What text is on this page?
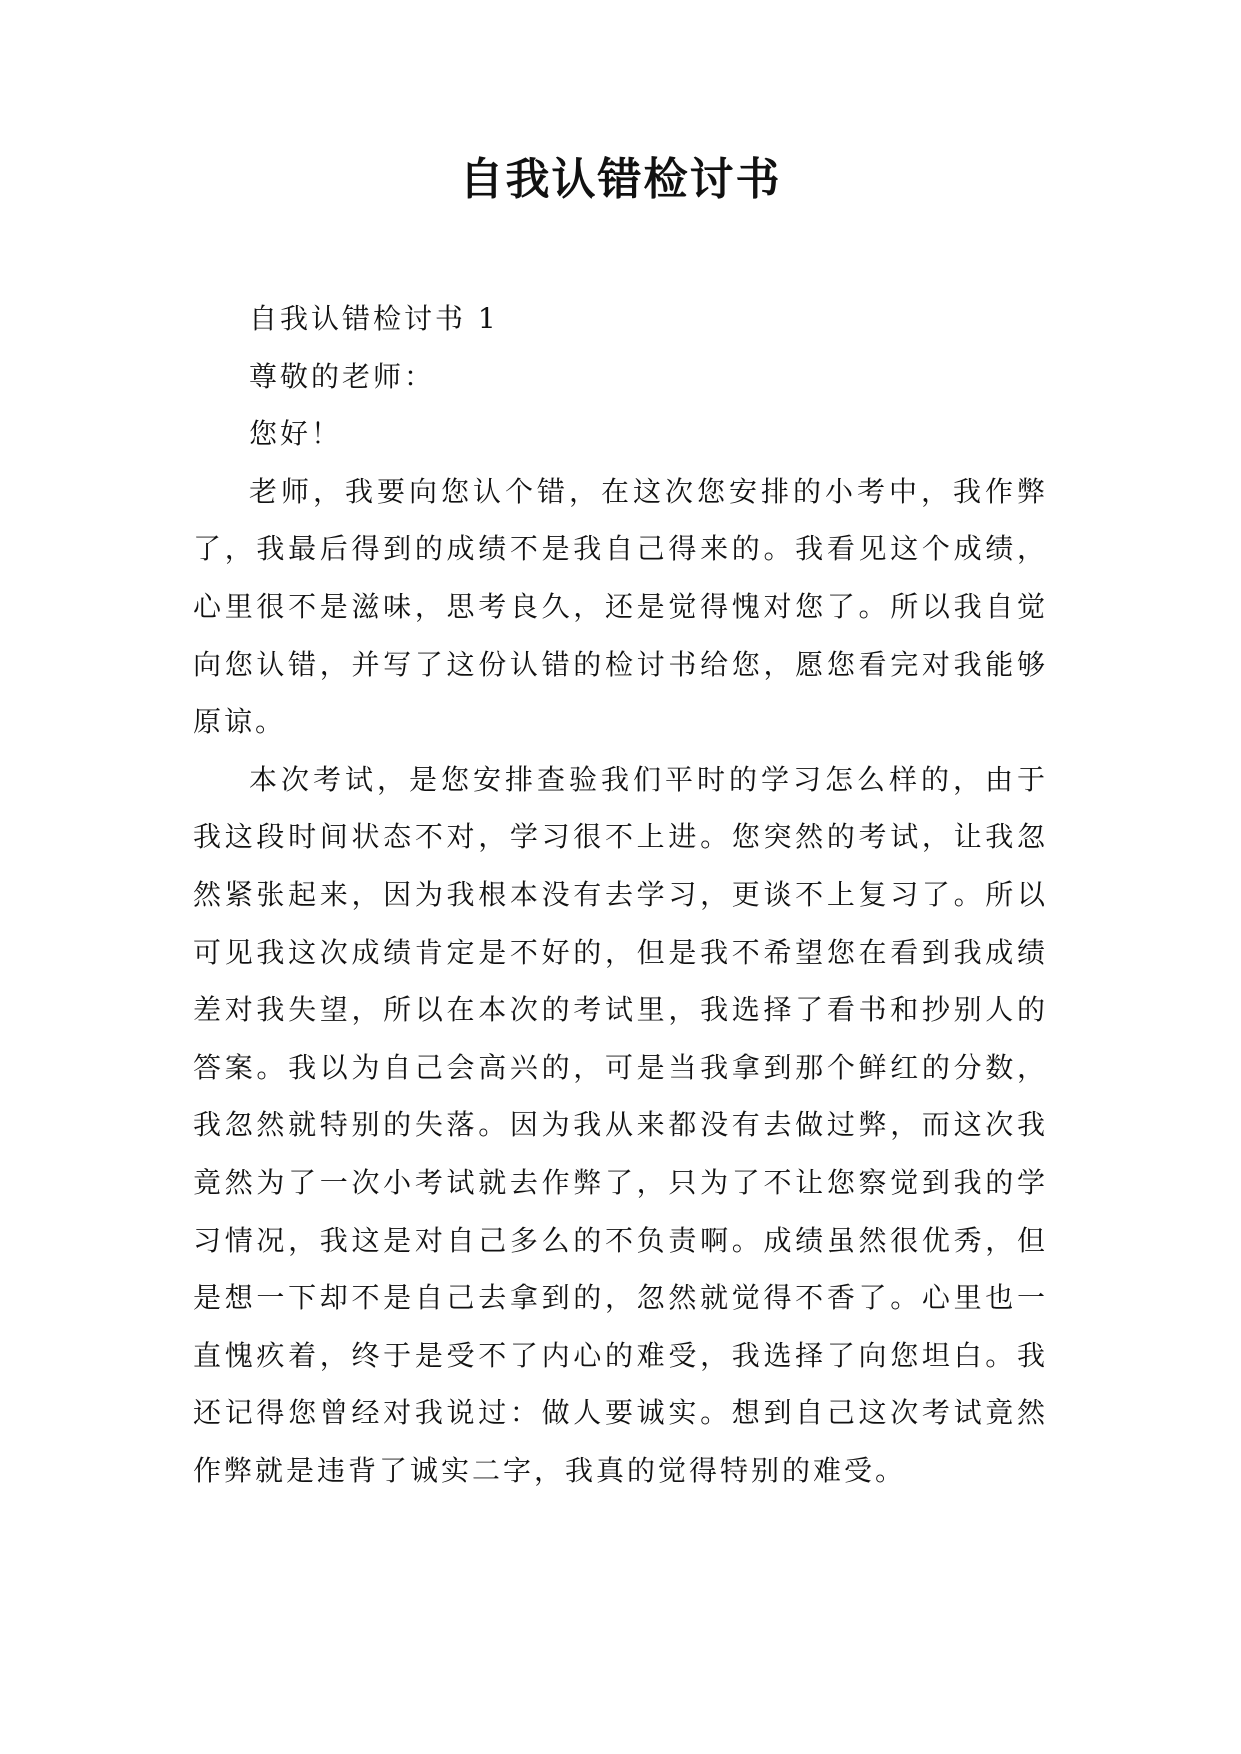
自我认错检讨书

自我认错检讨书 1

尊敬的老师：

您好！

老师，我要向您认个错，在这次您安排的小考中，我作弊了，我最后得到的成绩不是我自己得来的。我看见这个成绩，心里很不是滋味，思考良久，还是觉得愧对您了。所以我自觉向您认错，并写了这份认错的检讨书给您，愿您看完对我能够原谅。

本次考试，是您安排查验我们平时的学习怎么样的，由于我这段时间状态不对，学习很不上进。您突然的考试，让我忽然紧张起来，因为我根本没有去学习，更谈不上复习了。所以可见我这次成绩肯定是不好的，但是我不希望您在看到我成绩差对我失望，所以在本次的考试里，我选择了看书和抄别人的答案。我以为自己会高兴的，可是当我拿到那个鲜红的分数，我忽然就特别的失落。因为我从来都没有去做过弊，而这次我竟然为了一次小考试就去作弊了，只为了不让您察觉到我的学习情况，我这是对自己多么的不负责啊。成绩虽然很优秀，但是想一下却不是自己去拿到的，忽然就觉得不香了。心里也一直愧疚着，终于是受不了内心的难受，我选择了向您坦白。我还记得您曾经对我说过：做人要诚实。想到自己这次考试竟然作弊就是违背了诚实二字，我真的觉得特别的难受。
